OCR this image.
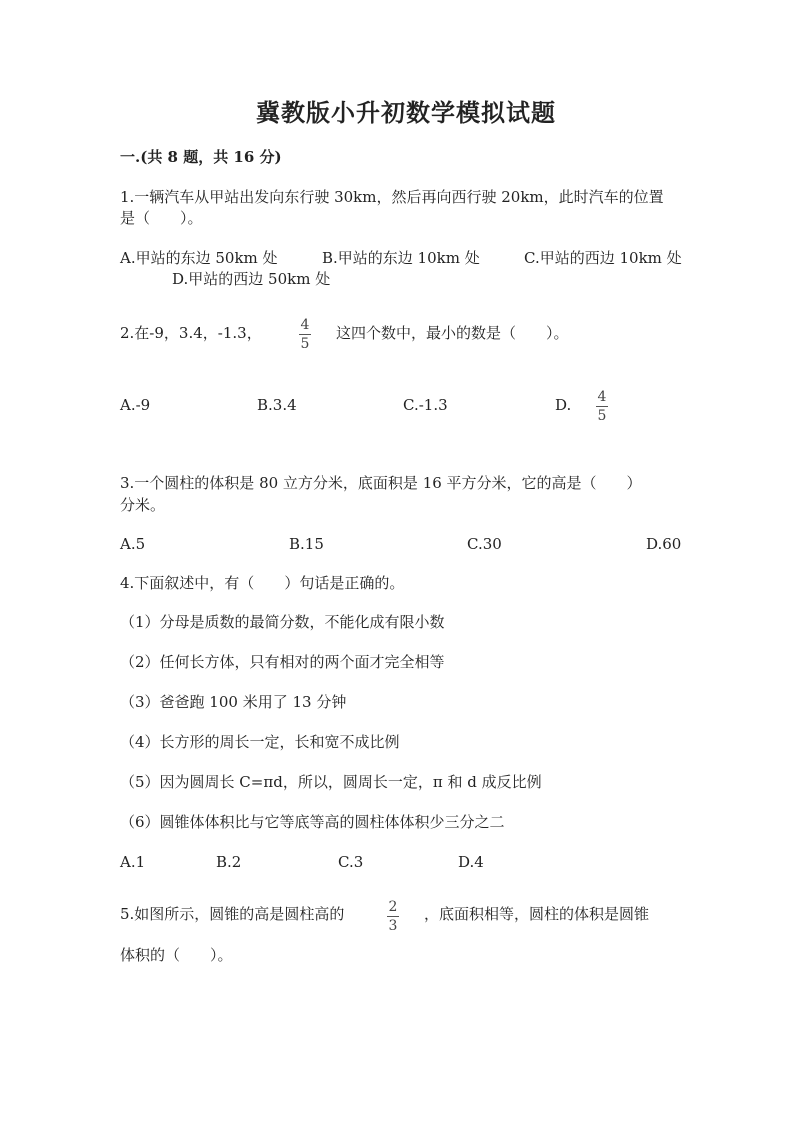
冀教版小升初数学模拟试题
一.(共 8 题，共 16 分)
1.一辆汽车从甲站出发向东行驶 30km，然后再向西行驶 20km，此时汽车的位置
是（　　）。
A.甲站的东边 50km 处	B.甲站的东边 10km 处	C.甲站的西边 10km 处
D.甲站的西边 50km 处
2.在-9，3.4，-1.3，	4
5
这四个数中，最小的数是（　　）。
A.-9	B.3.4	C.-1.3	D. 4
5
3.一个圆柱的体积是 80 立方分米，底面积是 16 平方分米，它的高是（　　）
分米。
A.5	B.15	C.30	D.60
4.下面叙述中，有（　　）句话是正确的。
（1）分母是质数的最简分数，不能化成有限小数
（2）任何长方体，只有相对的两个面才完全相等
（3）爸爸跑 100 米用了 13 分钟
（4）长方形的周长一定，长和宽不成比例
（5）因为圆周长 C=πd，所以，圆周长一定，π 和 d 成反比例
（6）圆锥体体积比与它等底等高的圆柱体体积少三分之二
A.1	B.2	C.3	D.4
5.如图所示，圆锥的高是圆柱高的	2
3
，底面积相等，圆柱的体积是圆锥
体积的（　　）。
